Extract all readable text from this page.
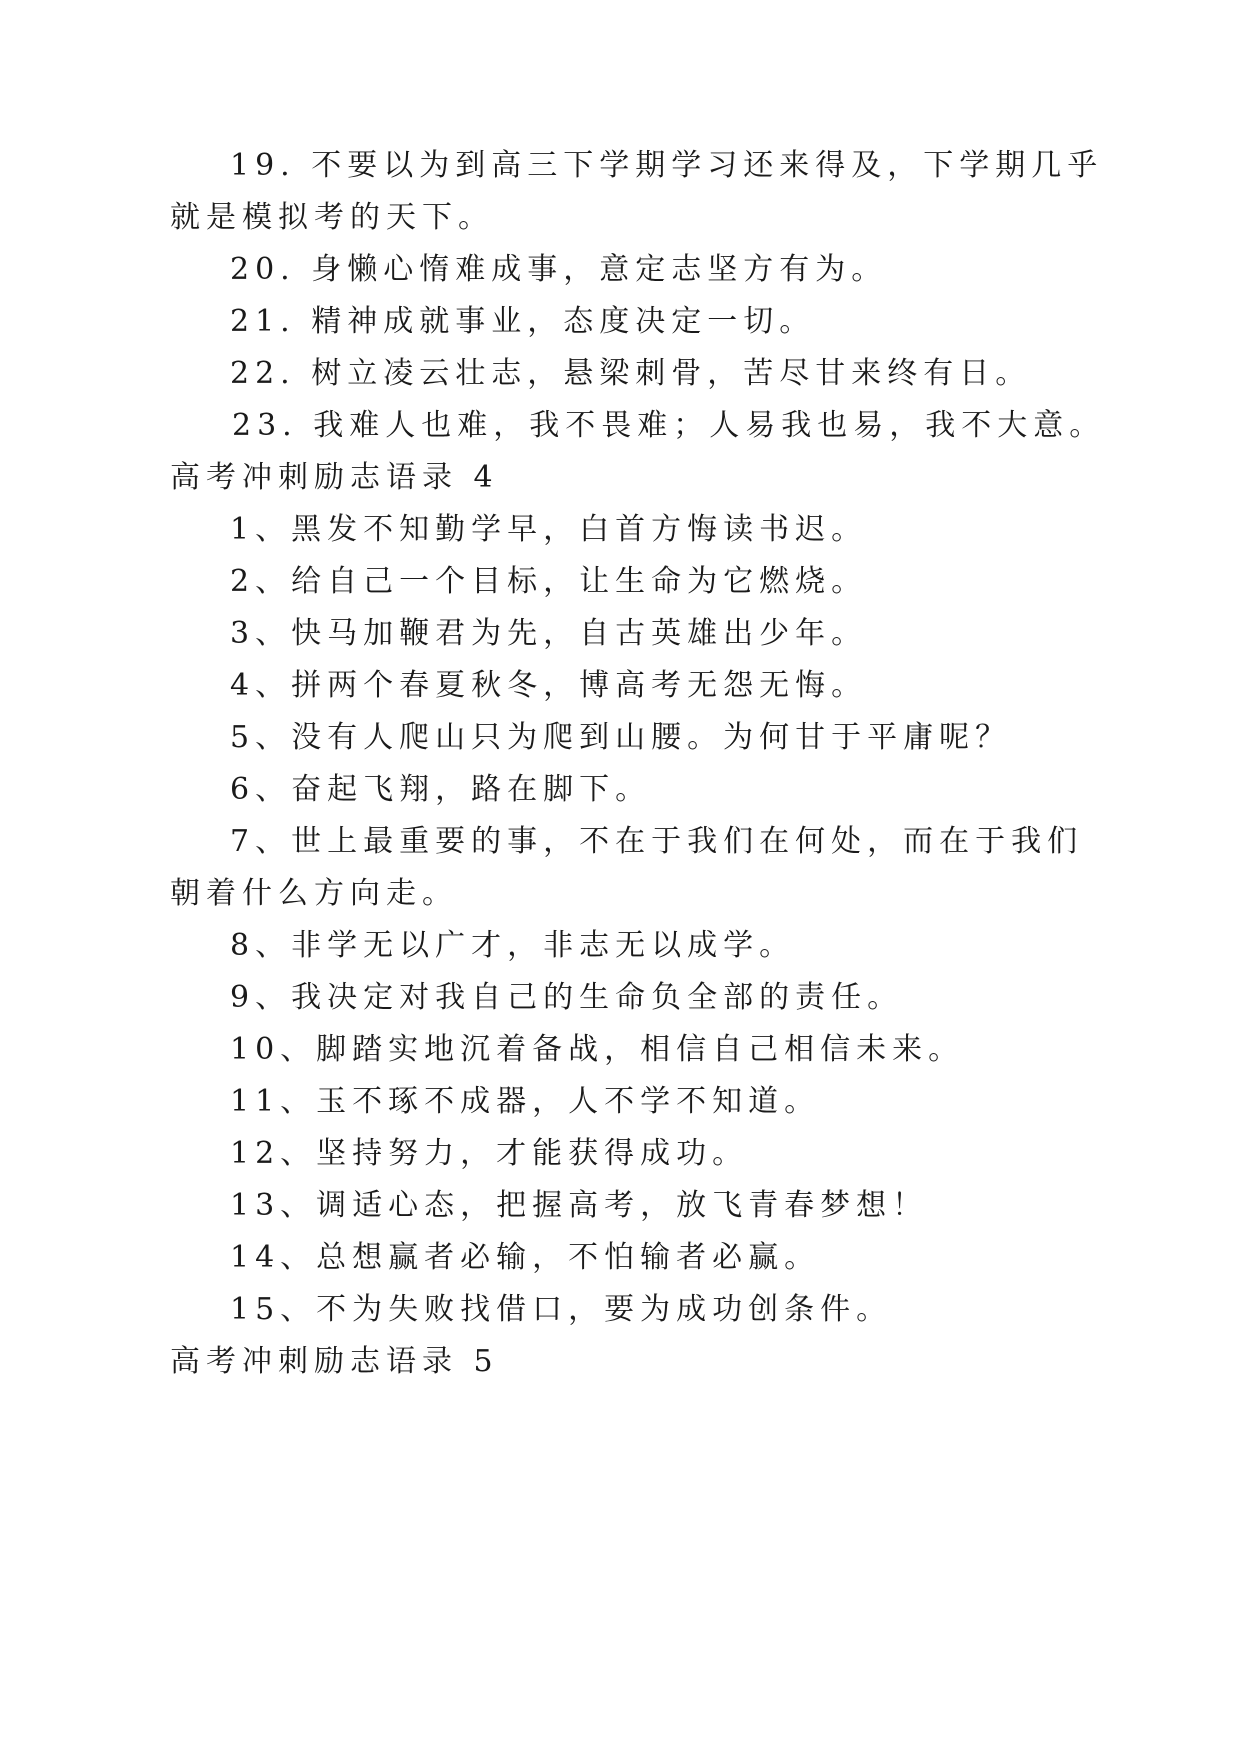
19. 不要以为到高三下学期学习还来得及，下学期几乎
就是模拟考的天下。
20. 身懒心惰难成事，意定志坚方有为。
21. 精神成就事业，态度决定一切。
22. 树立凌云壮志，悬梁刺骨，苦尽甘来终有日。
23. 我难人也难，我不畏难；人易我也易，我不大意。
高考冲刺励志语录 4
1、黑发不知勤学早，白首方悔读书迟。
2、给自己一个目标，让生命为它燃烧。
3、快马加鞭君为先，自古英雄出少年。
4、拼两个春夏秋冬，博高考无怨无悔。
5、没有人爬山只为爬到山腰。为何甘于平庸呢？
6、奋起飞翔，路在脚下。
7、世上最重要的事，不在于我们在何处，而在于我们
朝着什么方向走。
8、非学无以广才，非志无以成学。
9、我决定对我自己的生命负全部的责任。
10、脚踏实地沉着备战，相信自己相信未来。
11、玉不琢不成器，人不学不知道。
12、坚持努力，才能获得成功。
13、调适心态，把握高考，放飞青春梦想！
14、总想赢者必输，不怕输者必赢。
15、不为失败找借口，要为成功创条件。
高考冲刺励志语录 5
